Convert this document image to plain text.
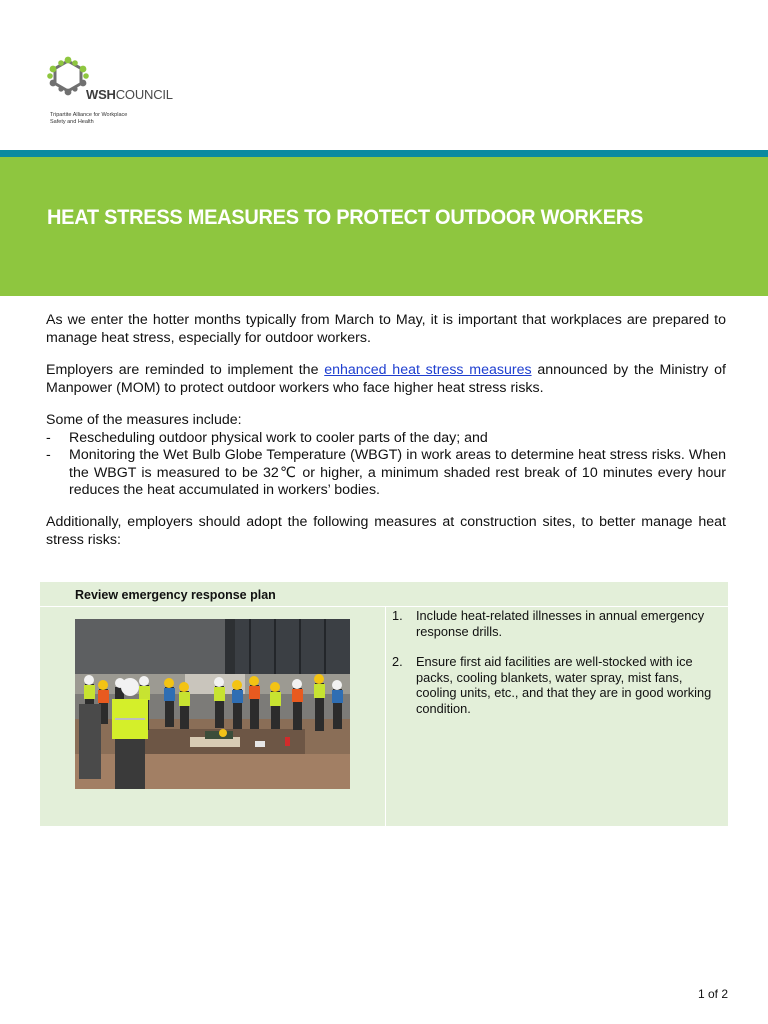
WSHCOUNCIL
Tripartite Alliance for Workplace Safety and Health
HEAT STRESS MEASURES TO PROTECT OUTDOOR WORKERS
As we enter the hotter months typically from March to May, it is important that workplaces are prepared to manage heat stress, especially for outdoor workers.
Employers are reminded to implement the enhanced heat stress measures announced by the Ministry of Manpower (MOM) to protect outdoor workers who face higher heat stress risks.
Some of the measures include:
- Rescheduling outdoor physical work to cooler parts of the day; and
- Monitoring the Wet Bulb Globe Temperature (WBGT) in work areas to determine heat stress risks. When the WBGT is measured to be 32℃ or higher, a minimum shaded rest break of 10 minutes every hour reduces the heat accumulated in workers’ bodies.
Additionally, employers should adopt the following measures at construction sites, to better manage heat stress risks:
Review emergency response plan
1. Include heat-related illnesses in annual emergency response drills.
2. Ensure first aid facilities are well-stocked with ice packs, cooling blankets, water spray, mist fans, cooling units, etc., and that they are in good working condition.
1 of 2
